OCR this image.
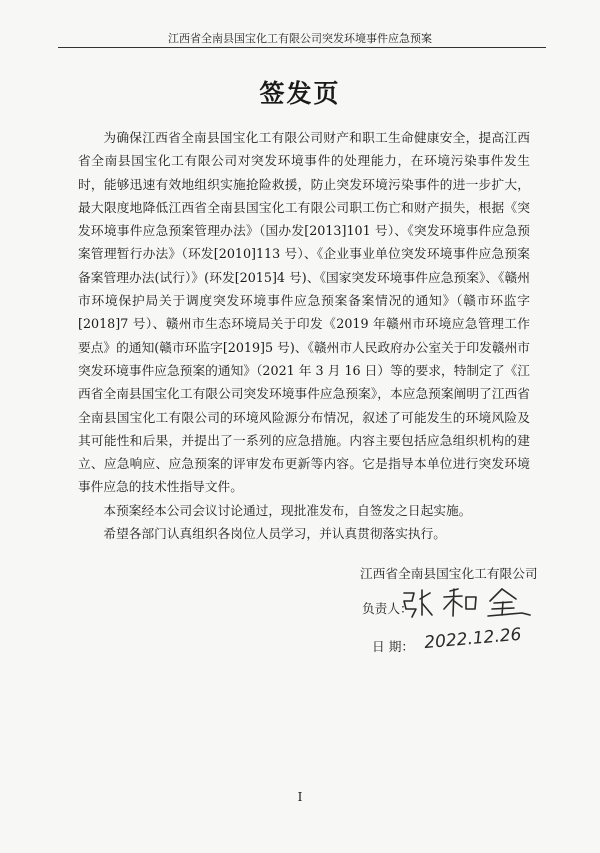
江西省全南县国宝化工有限公司突发环境事件应急预案
签发页

为确保江西省全南县国宝化工有限公司财产和职工生命健康安全，提高江西省全南县国宝化工有限公司对突发环境事件的处理能力，在环境污染事件发生时，能够迅速有效地组织实施抢险救援，防止突发环境污染事件的进一步扩大，最大限度地降低江西省全南县国宝化工有限公司职工伤亡和财产损失，根据《突发环境事件应急预案管理办法》（国办发[2013]101 号）、《突发环境事件应急预案管理暂行办法》（环发[2010]113 号）、《企业事业单位突发环境事件应急预案备案管理办法(试行）》(环发[2015]4 号)、《国家突发环境事件应急预案》、《赣州市环境保护局关于调度突发环境事件应急预案备案情况的通知》（赣市环监字[2018]7 号）、赣州市生态环境局关于印发《2019 年赣州市环境应急管理工作要点》的通知(赣市环监字[2019]5 号)、《赣州市人民政府办公室关于印发赣州市突发环境事件应急预案的通知》（2021 年 3 月 16 日）等的要求，特制定了《江西省全南县国宝化工有限公司突发环境事件应急预案》，本应急预案阐明了江西省全南县国宝化工有限公司的环境风险源分布情况，叙述了可能发生的环境风险及其可能性和后果，并提出了一系列的应急措施。内容主要包括应急组织机构的建立、应急响应、应急预案的评审发布更新等内容。它是指导本单位进行突发环境事件应急的技术性指导文件。

本预案经本公司会议讨论通过，现批准发布，自签发之日起实施。

希望各部门认真组织各岗位人员学习，并认真贯彻落实执行。

江西省全南县国宝化工有限公司
负责人：
日 期： 2022.12.26
I
